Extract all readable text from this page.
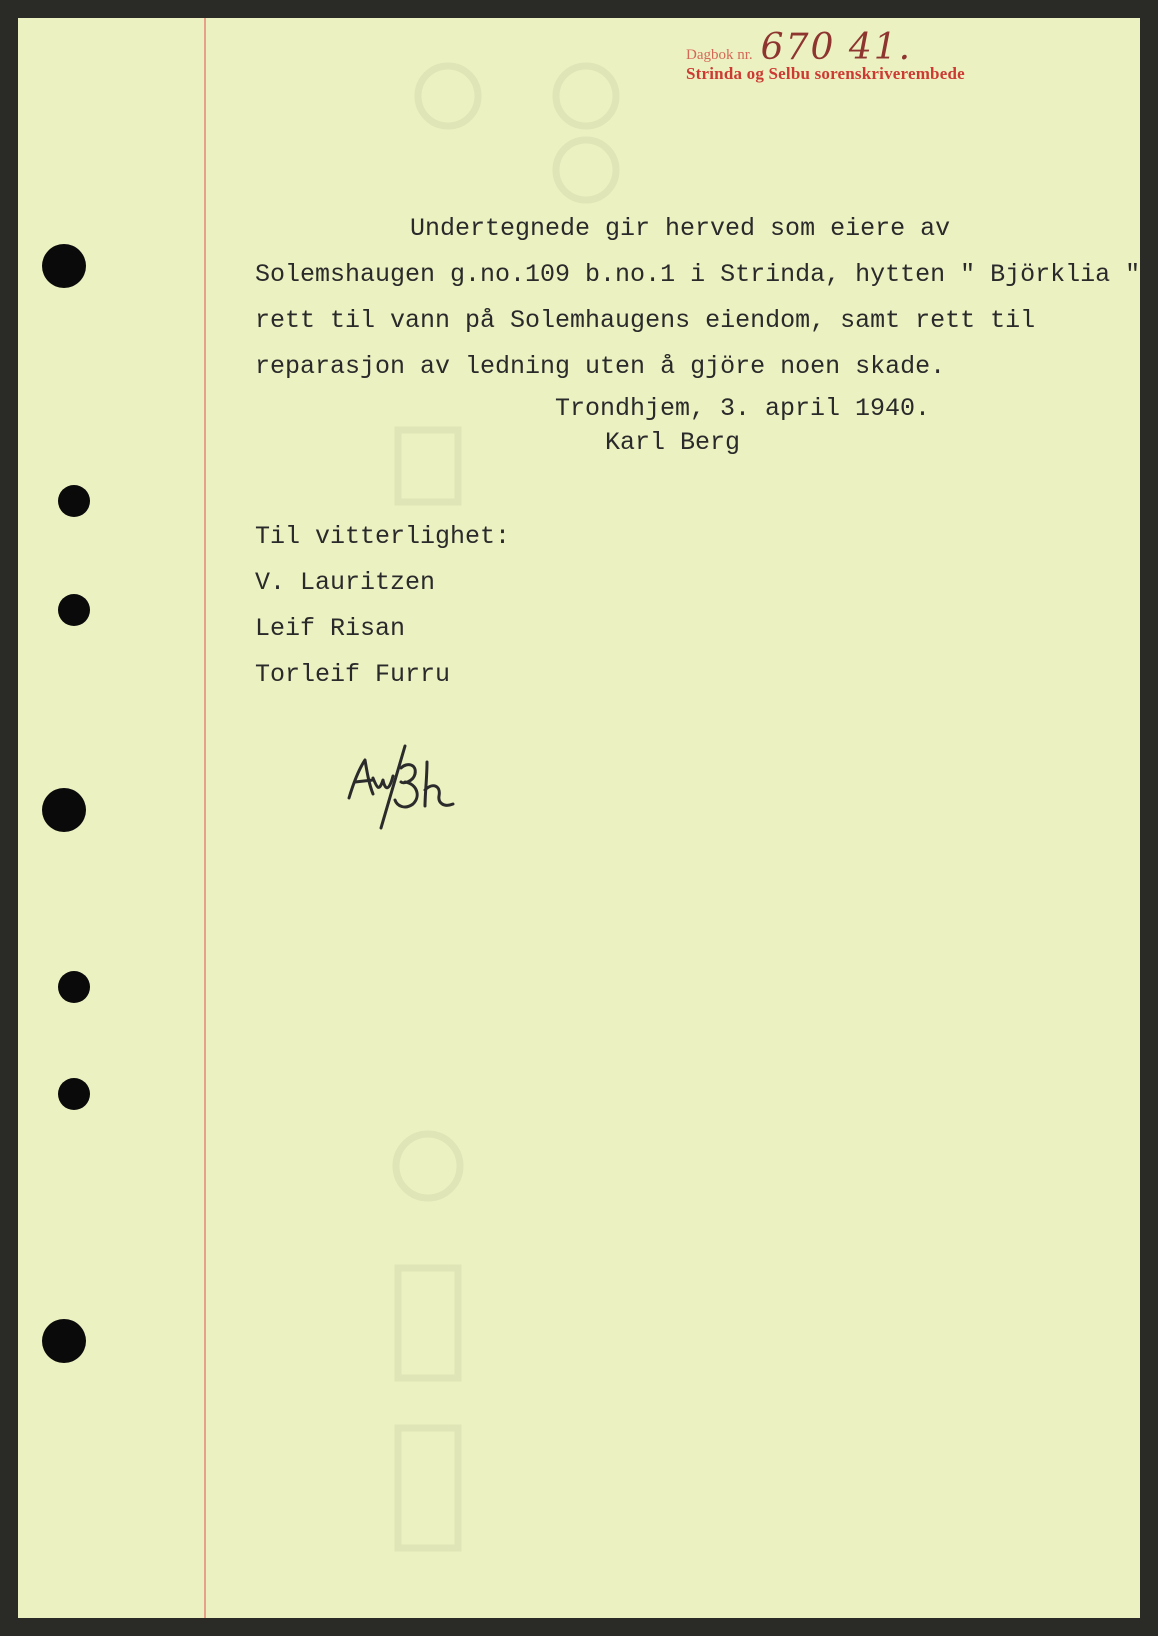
Dagbok nr. 670 41.
Strinda og Selbu sorenskriverembede
Undertegnede gir herved som eiere av
Solemshaugen g.no.109 b.no.1 i Strinda, hytten " Björklia "
rett til vann på Solemhaugens eiendom, samt rett til
reparasjon av ledning uten å gjöre noen skade.
Trondhjem, 3. april 1940.
Karl Berg
Til vitterlighet:
V. Lauritzen
Leif Risan
Torleif Furru
